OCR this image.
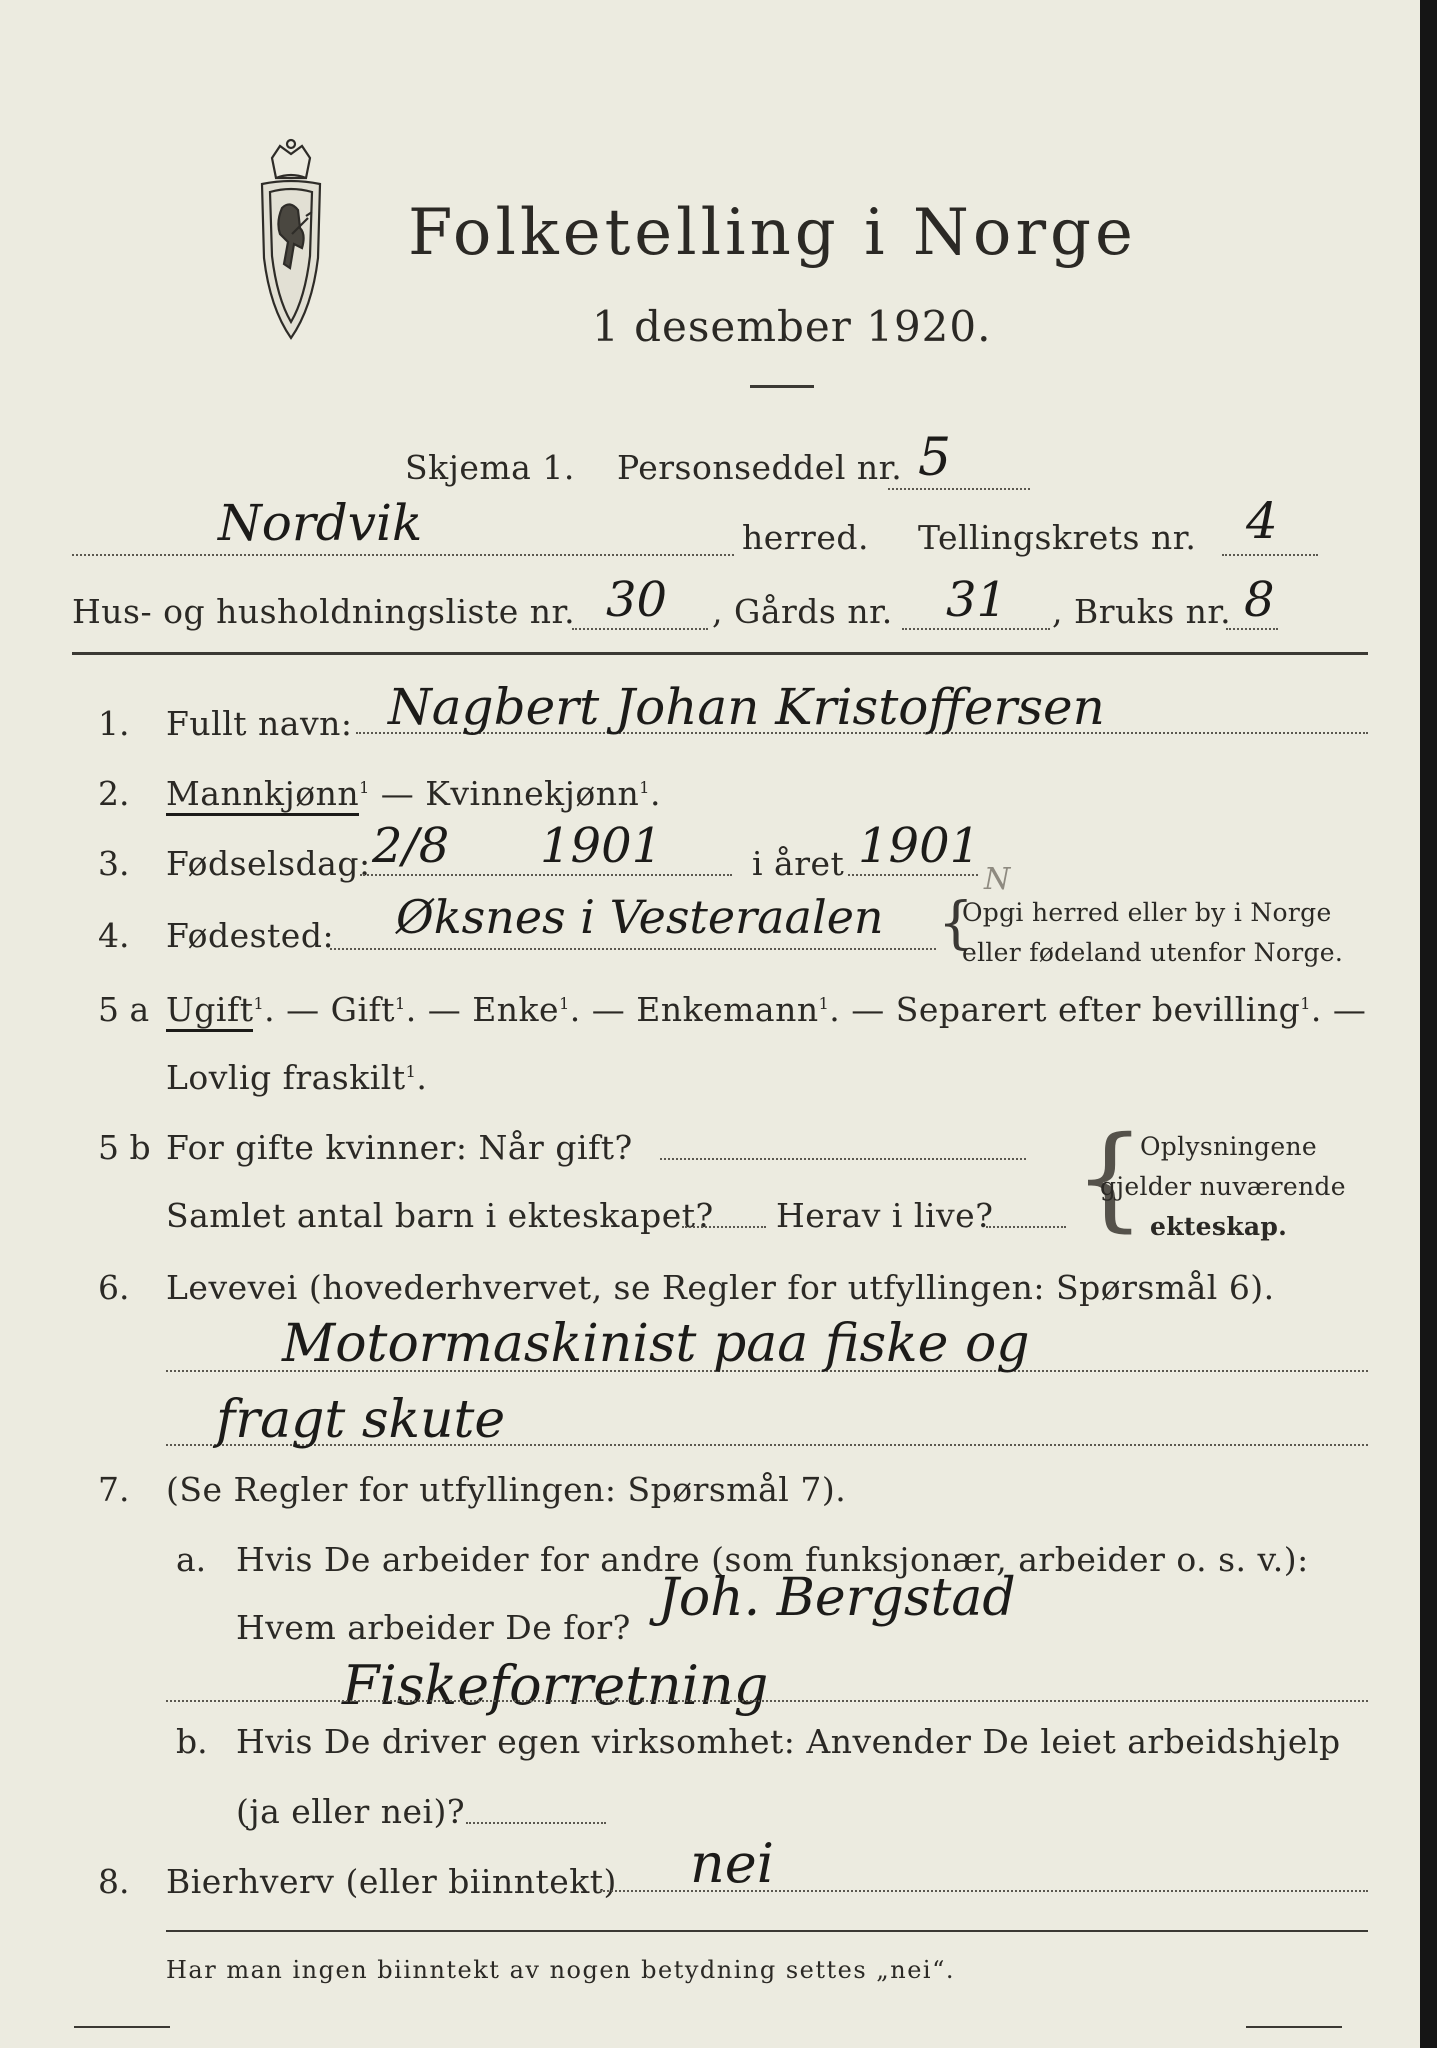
Folketelling i Norge
1 desember 1920.
Skjema 1. Personseddel nr. 5
Nordvik	herred. Tellingskrets nr. 4
Hus- og husholdningsliste nr. 30 , Gårds nr. 31 , Bruks nr. 8
1. Fullt navn: Nagbert Johan Kristoffersen
2. Mannkjønn$^1$ — Kvinnekjønn$^1$.
3. Fødselsdag: 2/8 1901	i året 1901
N
4. Fødested: Øksnes i Vesteraalen {
Opgi herred eller by i Norge
eller fødeland utenfor Norge.
5 a Ugift$^1$. — Gift$^1$. — Enke$^1$. — Enkemann$^1$. — Separert efter bevilling$^1$. —
Lovlig fraskilt$^1$.
5 b For gifte kvinner: Når gift?
Samlet antal barn i ekteskapet? Herav i live? {
Oplysningene
gjelder nuværende
ekteskap.
6. Levevei (hovederhvervet, se Regler for utfyllingen: Spørsmål 6).
Motormaskinist paa fiske og
fragt skute
7. (Se Regler for utfyllingen: Spørsmål 7).
a. Hvis De arbeider for andre (som funksjonær, arbeider o. s. v.):
Hvem arbeider De for? Joh. Bergstad
Fiskeforretning
b. Hvis De driver egen virksomhet: Anvender De leiet arbeidshjelp
(ja eller nei)?
8. Bierhverv (eller biinntekt) nei
Har man ingen biinntekt av nogen betydning settes „nei“.
